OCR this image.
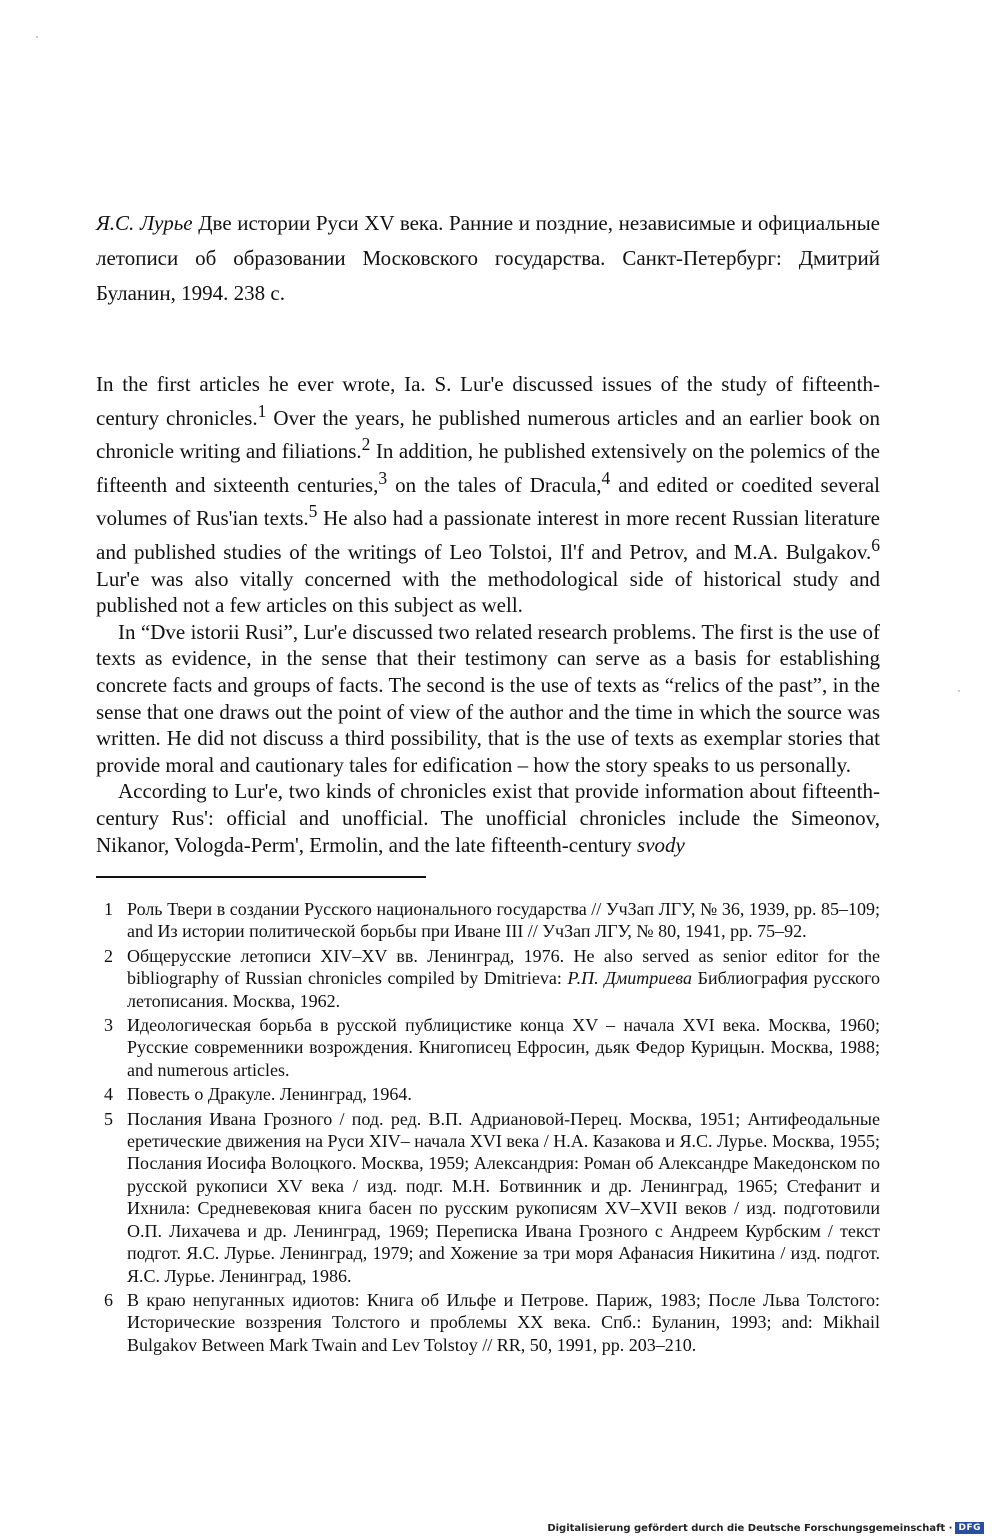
Я.С. Лурье Две истории Руси XV века. Ранние и поздние, независимые и официальные летописи об образовании Московского государства. Санкт-Петербург: Дмитрий Буланин, 1994. 238 с.

In the first articles he ever wrote, Ia. S. Lur'e discussed issues of the study of fifteenth-century chronicles.$^1$ Over the years, he published numerous articles and an earlier book on chronicle writing and filiations.$^2$ In addition, he published extensively on the polemics of the fifteenth and sixteenth centuries,$^3$ on the tales of Dracula,$^4$ and edited or coedited several volumes of Rus'ian texts.$^5$ He also had a passionate interest in more recent Russian literature and published studies of the writings of Leo Tolstoi, Il'f and Petrov, and M.A. Bulgakov.$^6$ Lur'e was also vitally concerned with the methodological side of historical study and published not a few articles on this subject as well.

In “Dve istorii Rusi”, Lur'e discussed two related research problems. The first is the use of texts as evidence, in the sense that their testimony can serve as a basis for establishing concrete facts and groups of facts. The second is the use of texts as “relics of the past”, in the sense that one draws out the point of view of the author and the time in which the source was written. He did not discuss a third possibility, that is the use of texts as exemplar stories that provide moral and cautionary tales for edification – how the story speaks to us personally.

According to Lur'e, two kinds of chronicles exist that provide information about fifteenth-century Rus': official and unofficial. The unofficial chronicles include the Simeonov, Nikanor, Vologda-Perm', Ermolin, and the late fifteenth-century svody

1 Роль Твери в создании Русского национального государства // УчЗап ЛГУ, № 36, 1939, pp. 85–109; and Из истории политической борьбы при Иване III // УчЗап ЛГУ, № 80, 1941, pp. 75–92.
2 Общерусские летописи XIV–XV вв. Ленинград, 1976. He also served as senior editor for the bibliography of Russian chronicles compiled by Dmitrieva: Р.П. Дмитриева Библиография русского летописания. Москва, 1962.
3 Идеологическая борьба в русской публицистике конца XV – начала XVI века. Москва, 1960; Русские современники возрождения. Книгописец Ефросин, дьяк Федор Курицын. Москва, 1988; and numerous articles.
4 Повесть о Дракуле. Ленинград, 1964.
5 Послания Ивана Грозного / под. ред. В.П. Адриановой-Перец. Москва, 1951; Антифеодальные еретические движения на Руси XIV– начала XVI века / Н.А. Казакова и Я.С. Лурье. Москва, 1955; Послания Иосифа Волоцкого. Москва, 1959; Александрия: Роман об Александре Македонском по русской рукописи XV века / изд. подг. М.Н. Ботвинник и др. Ленинград, 1965; Стефанит и Ихнила: Средневековая книга басен по русским рукописям XV–XVII веков / изд. подготовили О.П. Лихачева и др. Ленинград, 1969; Переписка Ивана Грозного с Андреем Курбским / текст подгот. Я.С. Лурье. Ленинград, 1979; and Хожение за три моря Афанасия Никитина / изд. подгот. Я.С. Лурье. Ленинград, 1986.
6 В краю непуганных идиотов: Книга об Ильфе и Петрове. Париж, 1983; После Льва Толстого: Исторические воззрения Толстого и проблемы XX века. Спб.: Буланин, 1993; and: Mikhail Bulgakov Between Mark Twain and Lev Tolstoy // RR, 50, 1991, pp. 203–210.
Digitalisierung gefördert durch die Deutsche Forschungsgemeinschaft · DFG
